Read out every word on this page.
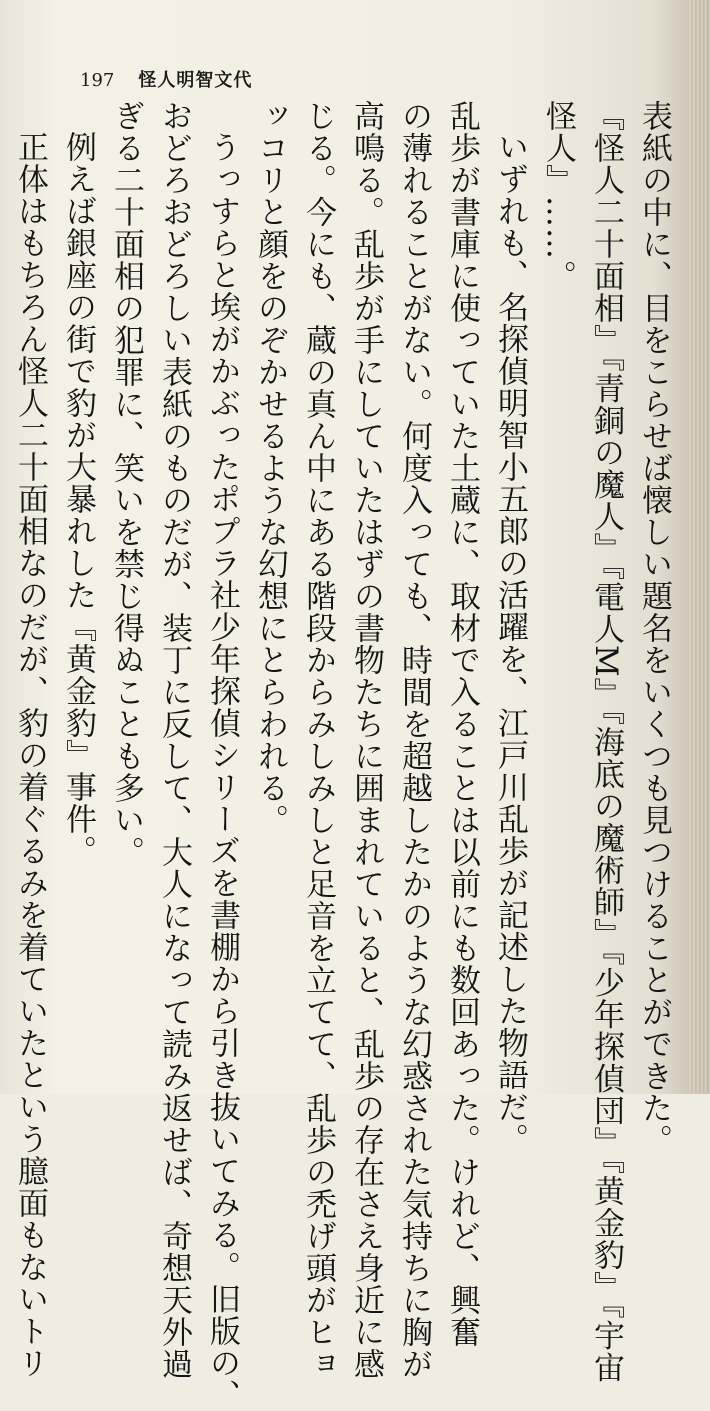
197 怪人明智文代
表紙の中に、目をこらせば懐しい題名をいくつも見つけることができた。
『怪人二十面相』『青銅の魔人』『電人M』『海底の魔術師』『少年探偵団』『黄金豹』『宇宙
怪人』……。
いずれも、名探偵明智小五郎の活躍を、江戸川乱歩が記述した物語だ。
乱歩が書庫に使っていた土蔵に、取材で入ることは以前にも数回あった。けれど、興奮
の薄れることがない。何度入っても、時間を超越したかのような幻惑された気持ちに胸が
高鳴る。乱歩が手にしていたはずの書物たちに囲まれていると、乱歩の存在さえ身近に感
じる。今にも、蔵の真ん中にある階段からみしみしと足音を立てて、乱歩の禿げ頭がヒョ
ッコリと顔をのぞかせるような幻想にとらわれる。
うっすらと埃がかぶったポプラ社少年探偵シリーズを書棚から引き抜いてみる。旧版の、
おどろおどろしい表紙のものだが、装丁に反して、大人になって読み返せば、奇想天外過
ぎる二十面相の犯罪に、笑いを禁じ得ぬことも多い。
例えば銀座の街で豹が大暴れした『黄金豹』事件。
正体はもちろん怪人二十面相なのだが、豹の着ぐるみを着ていたという臆面もないトリ
